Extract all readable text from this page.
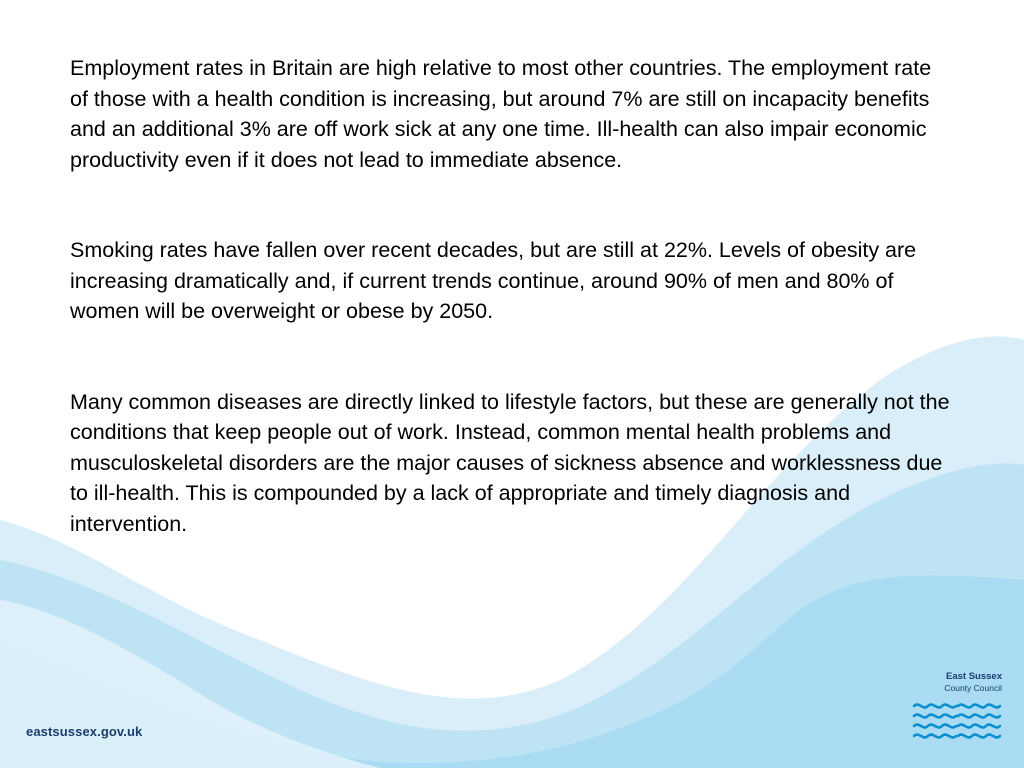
Employment rates in Britain are high relative to most other countries. The employment rate of those with a health condition is increasing, but around 7% are still on incapacity benefits and an additional 3% are off work sick at any one time. Ill-health can also impair economic productivity even if it does not lead to immediate absence.

Smoking rates have fallen over recent decades, but are still at 22%. Levels of obesity are increasing dramatically and, if current trends continue, around 90% of men and 80% of women will be overweight or obese by 2050.

Many common diseases are directly linked to lifestyle factors, but these are generally not the conditions that keep people out of work. Instead, common mental health problems and musculoskeletal disorders are the major causes of sickness absence and worklessness due to ill-health. This is compounded by a lack of appropriate and timely diagnosis and intervention.

eastsussex.gov.uk
East Sussex
County Council
